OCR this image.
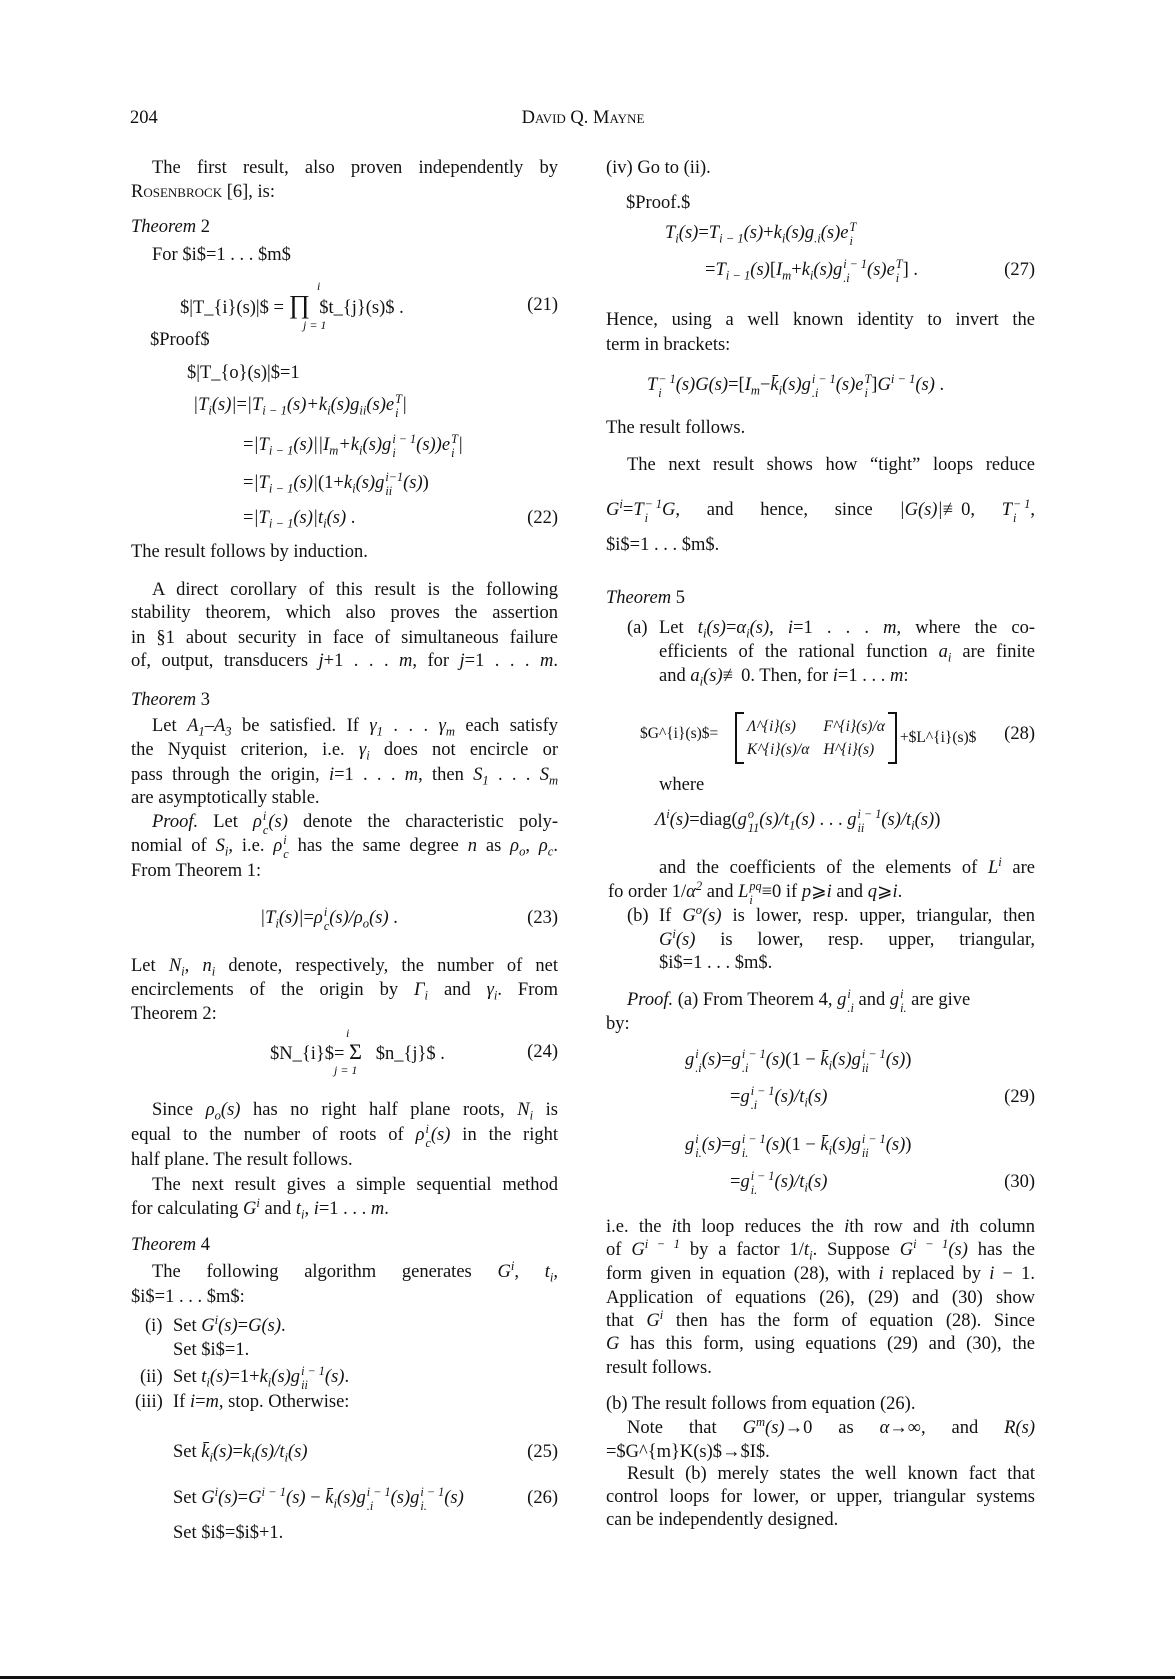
204	David Q. Mayne
The first result, also proven independently by
Rosenbrock [6], is:
Theorem 2
For $i$=1 . . . $m$
$|T_{i}(s)|$ = ∏ $t_{j}(s)$ .
i
j = 1
(21)
$Proof$
$|T_{o}(s)|$=1
$|T_i(s)|=|T_{i - 1}(s)+k_i(s)g_{ii}(s)e$ T
i |
$=|T_{i - 1}(s)||I_m+k_i(s)g$ i − 1
i	(s))e T
i |
$=|T_{i - 1}(s)|(1+k_i(s)g$ i−1
ii (s))
$=|T_{i - 1}(s)|t_i(s)$ .	(22)
The result follows by induction.
A direct corollary of this result is the following
stability theorem, which also proves the assertion
in §1 about security in face of simultaneous failure
of, output, transducers j+1 . . . m, for j=1 . . . m.
Theorem 3
Let $A_1-A_3$ be satisfied. If $\gamma_1$ . . . $\gamma_m$ each satisfy
the Nyquist criterion, i.e. $\gamma_i$ does not encircle or
pass through the origin, i=1 . . . m, then $S_1$ . . . $S_m$
are asymptotically stable.
Proof. Let ρ i
c (s) denote the characteristic poly-
nomial of $S_i$, i.e. ρ i
c has the same degree n as $\rho_o$, $\rho_c$.
From Theorem 1:
$|T_i(s)|=\rho$ i
c $(s)/\rho_o(s)$ .	(23)
Let $N_i$, $n_i$ denote, respectively, the number of net
encirclements of the origin by $\Gamma_i$ and $\gamma_i$. From
Theorem 2:
$N_{i}$= Σ $n_{j}$ .
i
j = 1
(24)
Since $\rho_o(s)$ has no right half plane roots, $N_i$ is
equal to the number of roots of ρ i
c (s) in the right
half plane. The result follows.
The next result gives a simple sequential method
for calculating $G^i$ and $t_i$, i=1 . . . m.
Theorem 4
The following algorithm generates $G^i$, $t_i$,
$i$=1 . . . $m$:
(i) Set $G^i(s)=G(s)$.
Set $i$=1.
(ii) Set $t_i(s)=1+k_i(s)g$ i − 1
ii (s).
(iii) If i=m, stop. Otherwise:
Set $k̄_i(s)=k_i(s)/t_i(s)$	(25)
Set $G^i(s)=G^{i - 1}(s)$ − $k̄_i(s)g$ i − 1
.i (s)g i − 1
i. (s)	(26)
Set $i$=$i$+1.
(iv) Go to (ii).
$Proof.$
$T_i(s)=T_{i - 1}(s)+k_i(s)g_{.i}(s)e$ T
i
$=T_{i - 1}(s)[I_m+k_i(s)g$ i − 1
.i (s)e T
i ] .	(27)
Hence, using a well known identity to invert the
term in brackets:
T − 1
i $(s)G(s)=[I_m-k̄_i(s)g$ i − 1
.i (s)e T
i ]$G^{i - 1}(s)$ .
The result follows.
The next result shows how “tight” loops reduce
$G^i=T - 1$
i G, and hence, since |G(s)|≢0, T − 1
i ,
$i$=1 . . . $m$.
Theorem 5
(a) Let $t_i(s)=\alpha_i(s)$, i=1 . . . m, where the co-
efficients of the rational function $a_i$ are finite
and $a_i(s)≢0$. Then, for i=1 . . . m:
$G^{i}(s)$= Λ^{i}(s)	F^{i}(s)/α
K^{i}(s)/α H^{i}(s)
+$L^{i}(s)$	(28)
where
$\Lambda^i(s)=diag(g$ o
11 $(s)/t_1(s)$ . . . g i − 1
ii $(s)/t_i(s)$)
and the coefficients of the elements of $L^i$ are
fo order $1/\alpha^2$ and L pq
i ≡0 if p⩾i and q⩾i.
(b) If $G^o(s)$ is lower, resp. upper, triangular, then
$G^i(s)$ is lower, resp. upper, triangular,
$i$=1 . . . $m$.
Proof. (a) From Theorem 4, g i
.i and g i
i. are give
by:
g i
.i (s)=g i − 1
.i $(s)(1 - k̄_i(s)g$ i − 1
ii (s))
=g i − 1
.i $(s)/t_i(s)$	(29)
g i
i. (s)=g i − 1
i. $(s)(1 - k̄_i(s)g$ i − 1
ii (s))
=g i − 1
i. $(s)/t_i(s)$	(30)
i.e. the ith loop reduces the ith row and ith column
of $G^{i - 1}$ by a factor $1/t_i$. Suppose $G^{i - 1}(s)$ has the
form given in equation (28), with i replaced by i − 1.
Application of equations (26), (29) and (30) show
that $G^i$ then has the form of equation (28). Since
G has this form, using equations (29) and (30), the
result follows.
(b) The result follows from equation (26).
Note that $G^m(s)\to 0$ as α→∞, and R(s)
=$G^{m}K(s)$→$I$.
Result (b) merely states the well known fact that
control loops for lower, or upper, triangular systems
can be independently designed.
